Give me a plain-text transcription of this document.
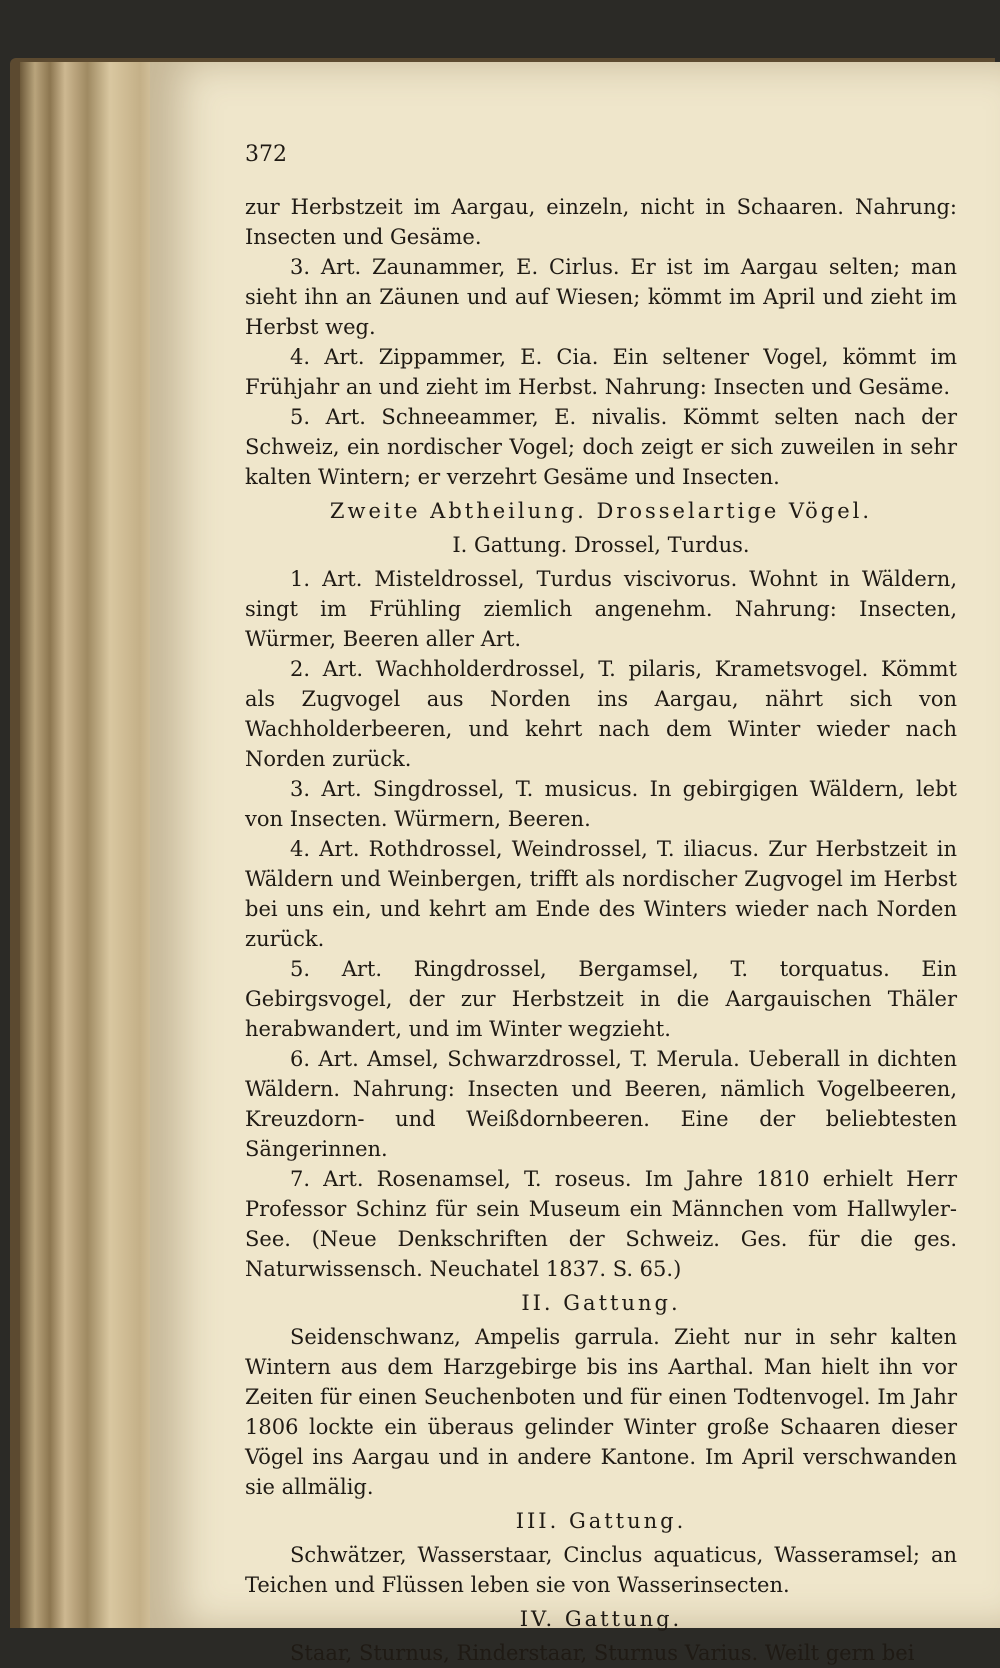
372

zur Herbstzeit im Aargau, einzeln, nicht in Schaaren. Nahrung: Insecten und Gesäme.

3. Art. Zaunammer, E. Cirlus. Er ist im Aargau selten; man sieht ihn an Zäunen und auf Wiesen; kömmt im April und zieht im Herbst weg.

4. Art. Zippammer, E. Cia. Ein seltener Vogel, kömmt im Frühjahr an und zieht im Herbst. Nahrung: Insecten und Gesäme.

5. Art. Schneeammer, E. nivalis. Kömmt selten nach der Schweiz, ein nordischer Vogel; doch zeigt er sich zuweilen in sehr kalten Wintern; er verzehrt Gesäme und Insecten.

Zweite Abtheilung. Drosselartige Vögel.
I. Gattung. Drossel, Turdus.

1. Art. Misteldrossel, Turdus viscivorus. Wohnt in Wäldern, singt im Frühling ziemlich angenehm. Nahrung: Insecten, Würmer, Beeren aller Art.

2. Art. Wachholderdrossel, T. pilaris, Krametsvogel. Kömmt als Zugvogel aus Norden ins Aargau, nährt sich von Wachholderbeeren, und kehrt nach dem Winter wieder nach Norden zurück.

3. Art. Singdrossel, T. musicus. In gebirgigen Wäldern, lebt von Insecten. Würmern, Beeren.

4. Art. Rothdrossel, Weindrossel, T. iliacus. Zur Herbstzeit in Wäldern und Weinbergen, trifft als nordischer Zugvogel im Herbst bei uns ein, und kehrt am Ende des Winters wieder nach Norden zurück.

5. Art. Ringdrossel, Bergamsel, T. torquatus. Ein Gebirgsvogel, der zur Herbstzeit in die Aargauischen Thäler herabwandert, und im Winter wegzieht.

6. Art. Amsel, Schwarzdrossel, T. Merula. Ueberall in dichten Wäldern. Nahrung: Insecten und Beeren, nämlich Vogelbeeren, Kreuzdorn- und Weißdornbeeren. Eine der beliebtesten Sängerinnen.

7. Art. Rosenamsel, T. roseus. Im Jahre 1810 erhielt Herr Professor Schinz für sein Museum ein Männchen vom Hallwyler-See. (Neue Denkschriften der Schweiz. Ges. für die ges. Naturwissensch. Neuchatel 1837. S. 65.)

II. Gattung.

Seidenschwanz, Ampelis garrula. Zieht nur in sehr kalten Wintern aus dem Harzgebirge bis ins Aarthal. Man hielt ihn vor Zeiten für einen Seuchenboten und für einen Todtenvogel. Im Jahr 1806 lockte ein überaus gelinder Winter große Schaaren dieser Vögel ins Aargau und in andere Kantone. Im April verschwanden sie allmälig.

III. Gattung.

Schwätzer, Wasserstaar, Cinclus aquaticus, Wasseramsel; an Teichen und Flüssen leben sie von Wasserinsecten.

IV. Gattung.

Staar, Sturnus, Rinderstaar, Sturnus Varius. Weilt gern bei
